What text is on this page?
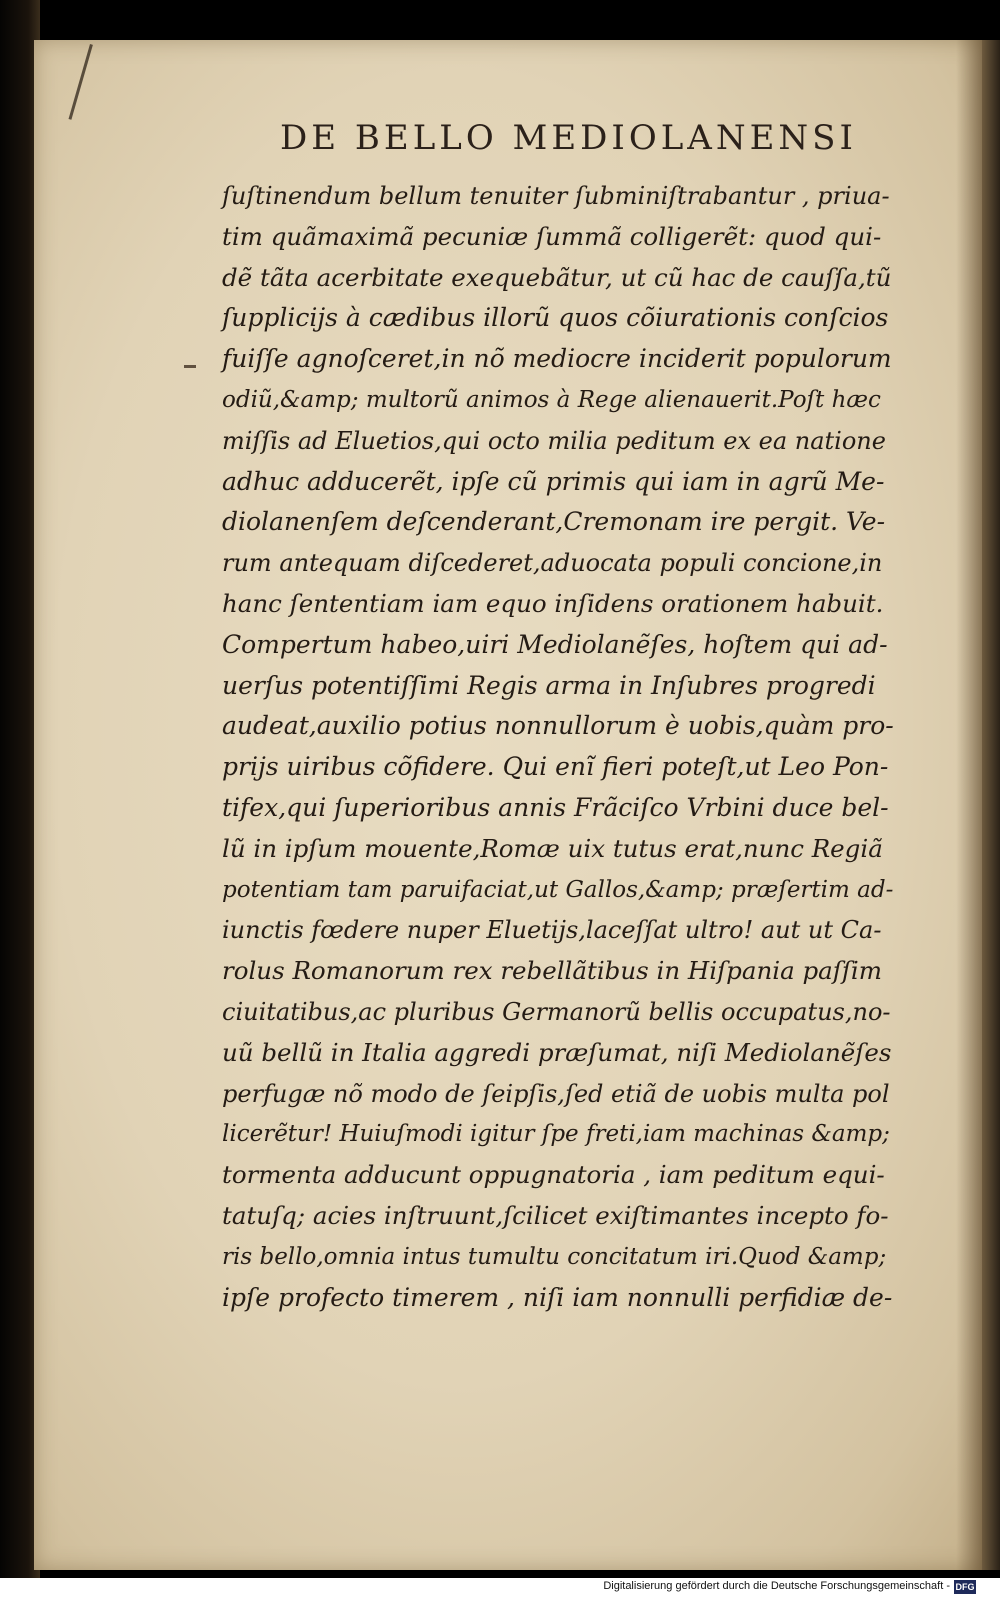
DE BELLO MEDIOLANENSI
ſuſtinendum bellum tenuiter ſubminiſtrabantur , priua-
tim quãmaximã pecuniæ ſummã colligerẽt: quod qui-
dẽ tãta acerbitate exequebãtur, ut cũ hac de cauſſa,tũ
ſupplicijs à cædibus illorũ quos cõiurationis conſcios
fuiſſe agnoſceret,in nõ mediocre inciderit populorum
odiũ,&amp; multorũ animos à Rege alienauerit.Poſt hæc
miſſis ad Eluetios,qui octo milia peditum ex ea natione
adhuc adducerẽt, ipſe cũ primis qui iam in agrũ Me-
diolanenſem deſcenderant,Cremonam ire pergit. Ve-
rum antequam diſcederet,aduocata populi concione,in
hanc ſententiam iam equo inſidens orationem habuit.
Compertum habeo,uiri Mediolanẽſes, hoſtem qui ad-
uerſus potentiſſimi Regis arma in Inſubres progredi
audeat,auxilio potius nonnullorum è uobis,quàm pro-
prijs uiribus cõfidere. Qui enĩ fieri poteſt,ut Leo Pon-
tifex,qui ſuperioribus annis Frãciſco Vrbini duce bel-
lũ in ipſum mouente,Romæ uix tutus erat,nunc Regiã
potentiam tam paruifaciat,ut Gallos,&amp; præſertim ad-
iunctis fœdere nuper Eluetijs,laceſſat ultro! aut ut Ca-
rolus Romanorum rex rebellãtibus in Hiſpania paſſim
ciuitatibus,ac pluribus Germanorũ bellis occupatus,no-
uũ bellũ in Italia aggredi præſumat, niſi Mediolanẽſes
perfugæ nõ modo de ſeipſis,ſed etiã de uobis multa pol
licerẽtur! Huiuſmodi igitur ſpe freti,iam machinas &amp;
tormenta adducunt oppugnatoria , iam peditum equi-
tatuſq; acies inſtruunt,ſcilicet exiſtimantes incepto fo-
ris bello,omnia intus tumultu concitatum iri.Quod &amp;
ipſe profecto timerem , niſi iam nonnulli perfidiæ de-
Digitalisierung gefördert durch die Deutsche Forschungsgemeinschaft - DFG
